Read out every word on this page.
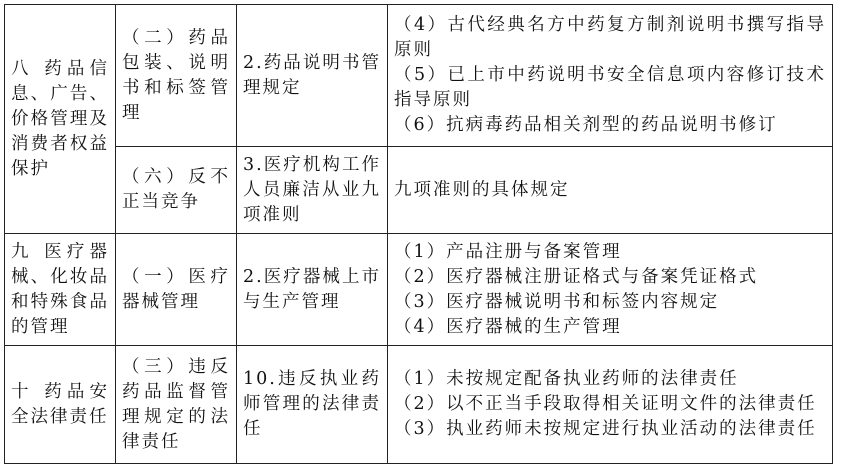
八 药品信息、广告、价格管理及消费者权益保护	（二）药品包装、说明书和标签管理	2.药品说明书管理规定	（4）古代经典名方中药复方制剂说明书撰写指导原则
（5）已上市中药说明书安全信息项内容修订技术指导原则
（6）抗病毒药品相关剂型的药品说明书修订

	（六）反不正当竞争	3.医疗机构工作人员廉洁从业九项准则	九项准则的具体规定

九 医疗器械、化妆品和特殊食品的管理	（一）医疗器械管理	2.医疗器械上市与生产管理	（1）产品注册与备案管理
（2）医疗器械注册证格式与备案凭证格式
（3）医疗器械说明书和标签内容规定
（4）医疗器械的生产管理

十 药品安全法律责任	（三）违反药品监督管理规定的法律责任	10.违反执业药师管理的法律责任	（1）未按规定配备执业药师的法律责任
（2）以不正当手段取得相关证明文件的法律责任
（3）执业药师未按规定进行执业活动的法律责任
